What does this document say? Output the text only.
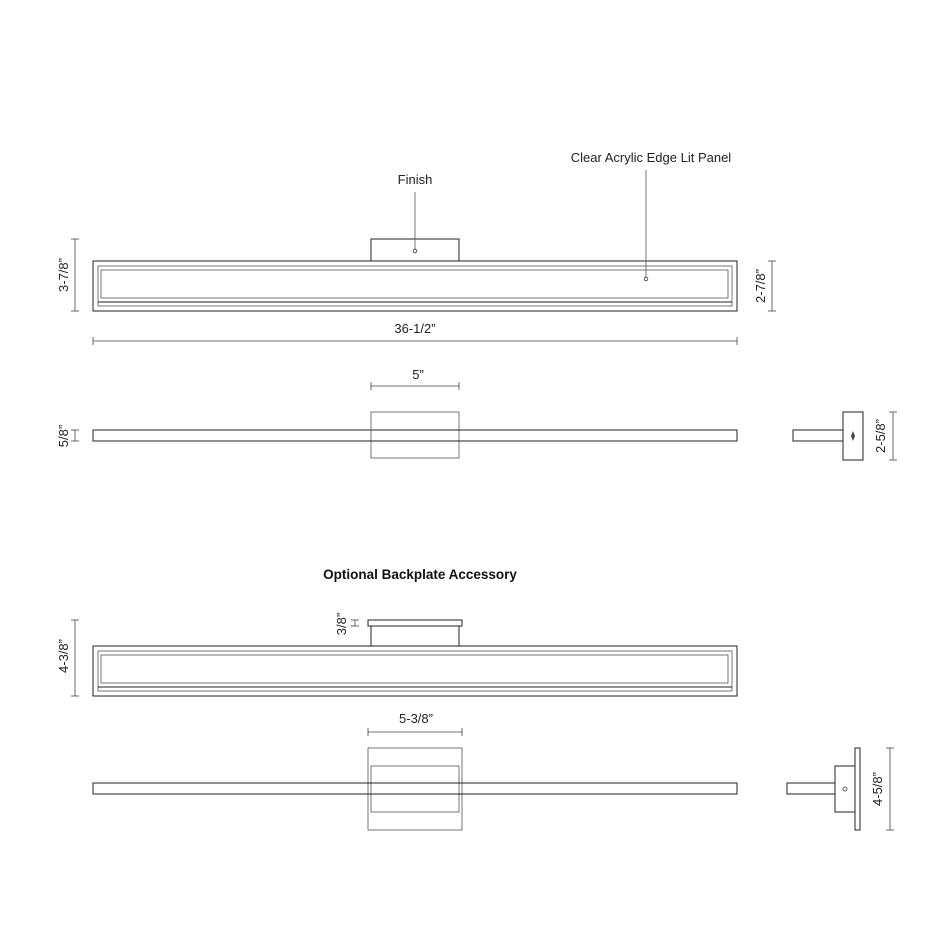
Finish
Clear Acrylic Edge Lit Panel
3-7/8”	2-7/8”
36-1/2”
5”
5/8”	2-5/8”
Optional Backplate Accessory
3/8”
4-3/8”
5-3/8”
4-5/8”
